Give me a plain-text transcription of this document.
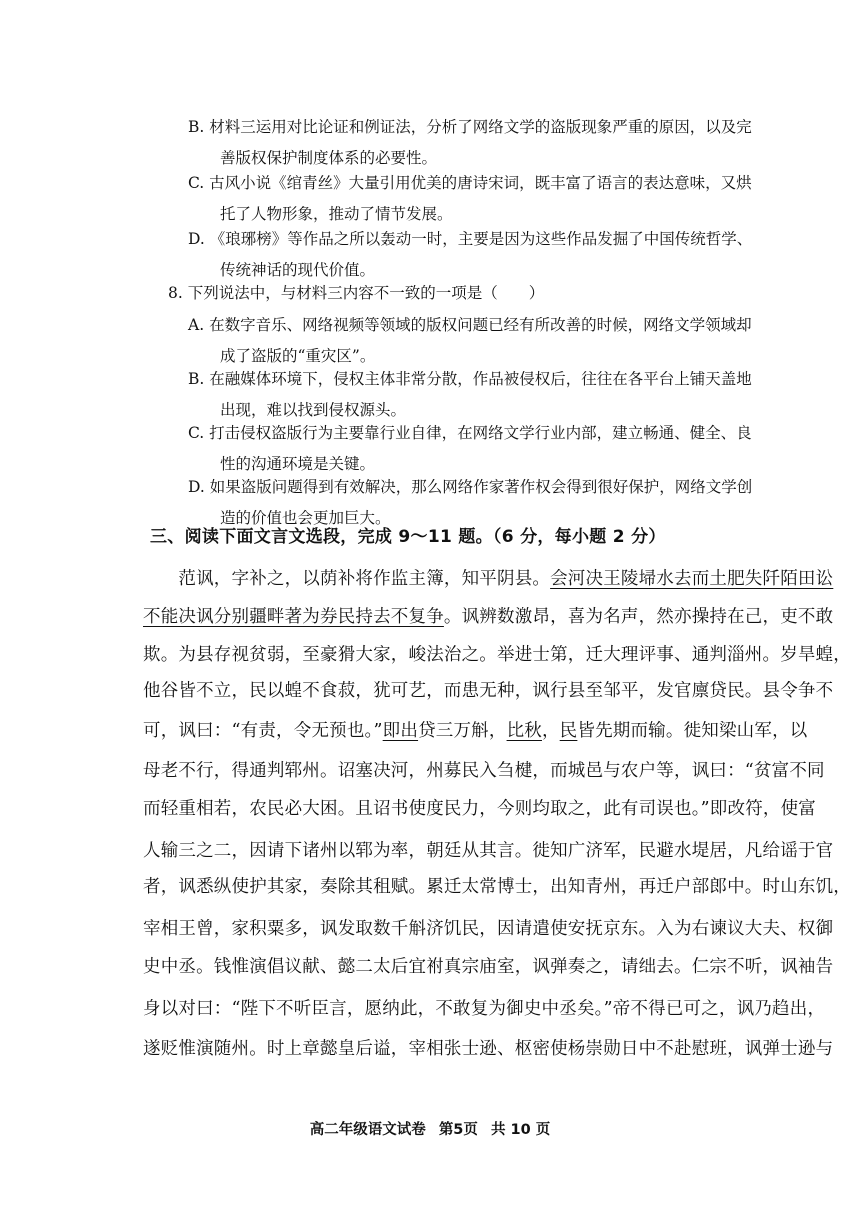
B. 材料三运用对比论证和例证法，分析了网络文学的盗版现象严重的原因，以及完
善版权保护制度体系的必要性。
C. 古风小说《绾青丝》大量引用优美的唐诗宋词，既丰富了语言的表达意味，又烘
托了人物形象，推动了情节发展。
D. 《琅琊榜》等作品之所以轰动一时，主要是因为这些作品发掘了中国传统哲学、
传统神话的现代价值。
8. 下列说法中，与材料三内容不一致的一项是（　　）
A. 在数字音乐、网络视频等领域的版权问题已经有所改善的时候，网络文学领域却
成了盗版的“重灾区”。
B. 在融媒体环境下，侵权主体非常分散，作品被侵权后，往往在各平台上铺天盖地
出现，难以找到侵权源头。
C. 打击侵权盗版行为主要靠行业自律，在网络文学行业内部，建立畅通、健全、良
性的沟通环境是关键。
D. 如果盗版问题得到有效解决，那么网络作家著作权会得到很好保护，网络文学创
造的价值也会更加巨大。
三、阅读下面文言文选段，完成 9～11 题。（6 分，每小题 2 分）
　　范讽，字补之，以荫补将作监主簿，知平阴县。会河决王陵埽水去而土肥失阡陌田讼
不能决讽分别疆畔著为券民持去不复争。讽辨数激昂，喜为名声，然亦操持在己，吏不敢
欺。为县存视贫弱，至豪猾大家，峻法治之。举进士第，迁大理评事、通判淄州。岁旱蝗，
他谷皆不立，民以蝗不食菽，犹可艺，而患无种，讽行县至邹平，发官廪贷民。县令争不
可，讽曰：“有责，令无预也。”即出贷三万斛，比秋，民皆先期而输。徙知梁山军，以
母老不行，得通判郓州。诏塞决河，州募民入刍楗，而城邑与农户等，讽曰：“贫富不同
而轻重相若，农民必大困。且诏书使度民力，今则均取之，此有司误也。”即改符，使富
人输三之二，因请下诸州以郓为率，朝廷从其言。徙知广济军，民避水堤居，凡给谣于官
者，讽悉纵使护其家，奏除其租赋。累迁太常博士，出知青州，再迁户部郎中。时山东饥，
宰相王曾，家积粟多，讽发取数千斛济饥民，因请遣使安抚京东。入为右谏议大夫、权御
史中丞。钱惟演倡议献、懿二太后宜祔真宗庙室，讽弹奏之，请绌去。仁宗不听，讽袖告
身以对曰：“陛下不听臣言，愿纳此，不敢复为御史中丞矣。”帝不得已可之，讽乃趋出，
遂贬惟演随州。时上章懿皇后谥，宰相张士逊、枢密使杨崇勋日中不赴慰班，讽弹士逊与
高二年级语文试卷 第5页 共 10 页
